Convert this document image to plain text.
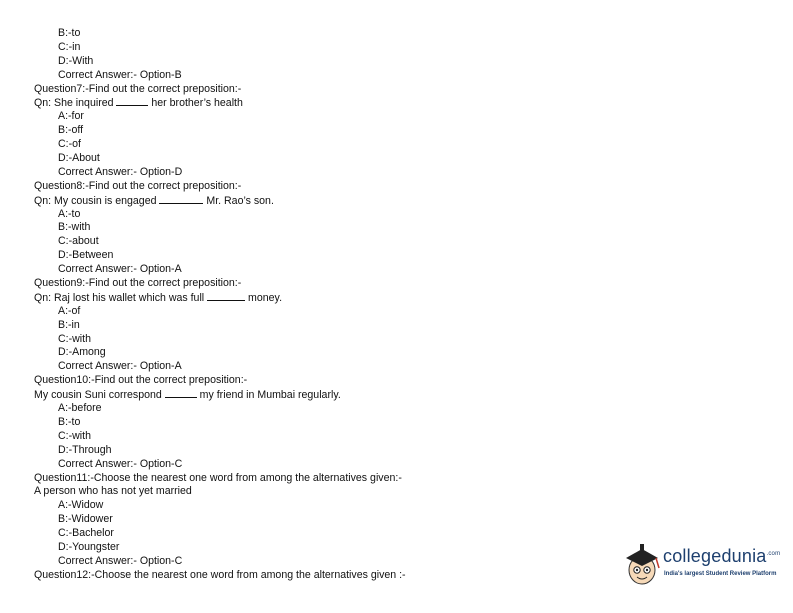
B:-to
C:-in
D:-With
Correct Answer:- Option-B
Question7:-Find out the correct preposition:-
Qn: She inquired	her brother’s health
A:-for
B:-off
C:-of
D:-About
Correct Answer:- Option-D
Question8:-Find out the correct preposition:-
Qn: My cousin is engaged	Mr. Rao’s son.
A:-to
B:-with
C:-about
D:-Between
Correct Answer:- Option-A
Question9:-Find out the correct preposition:-
Qn: Raj lost his wallet which was full	money.
A:-of
B:-in
C:-with
D:-Among
Correct Answer:- Option-A
Question10:-Find out the correct preposition:-
My cousin Suni correspond	my friend in Mumbai regularly.
A:-before
B:-to
C:-with
D:-Through
Correct Answer:- Option-C
Question11:-Choose the nearest one word from among the alternatives given:-
A person who has not yet married
A:-Widow
B:-Widower
C:-Bachelor
D:-Youngster
Correct Answer:- Option-C
Question12:-Choose the nearest one word from among the alternatives given :-
collegedunia$^{.com}$
India's largest Student Review Platform
